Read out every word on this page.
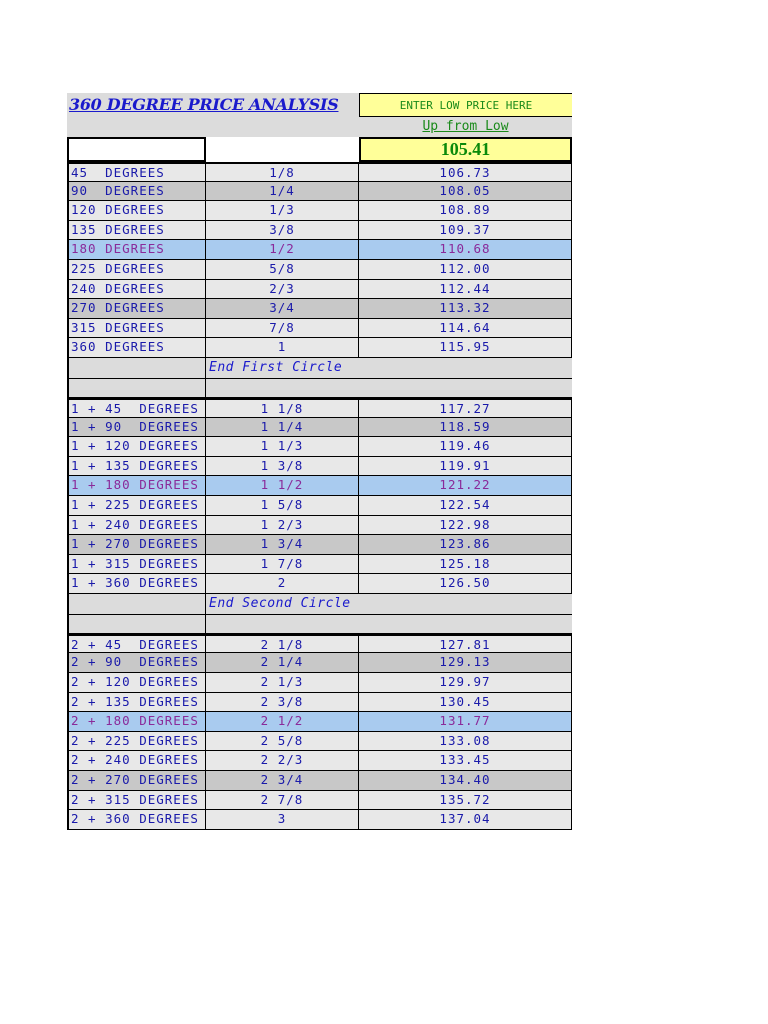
360 DEGREE PRICE ANALYSIS	ENTER LOW PRICE HERE
Up from Low
105.41
45  DEGREES	1/8	106.73
90  DEGREES	1/4	108.05
120 DEGREES	1/3	108.89
135 DEGREES	3/8	109.37
180 DEGREES	1/2	110.68
225 DEGREES	5/8	112.00
240 DEGREES	2/3	112.44
270 DEGREES	3/4	113.32
315 DEGREES	7/8	114.64
360 DEGREES	1	115.95
End First Circle
1 + 45  DEGREES	1 1/8	117.27
1 + 90  DEGREES	1 1/4	118.59
1 + 120 DEGREES	1 1/3	119.46
1 + 135 DEGREES	1 3/8	119.91
1 + 180 DEGREES	1 1/2	121.22
1 + 225 DEGREES	1 5/8	122.54
1 + 240 DEGREES	1 2/3	122.98
1 + 270 DEGREES	1 3/4	123.86
1 + 315 DEGREES	1 7/8	125.18
1 + 360 DEGREES	2	126.50
End Second Circle
2 + 45  DEGREES	2 1/8	127.81
2 + 90  DEGREES	2 1/4	129.13
2 + 120 DEGREES	2 1/3	129.97
2 + 135 DEGREES	2 3/8	130.45
2 + 180 DEGREES	2 1/2	131.77
2 + 225 DEGREES	2 5/8	133.08
2 + 240 DEGREES	2 2/3	133.45
2 + 270 DEGREES	2 3/4	134.40
2 + 315 DEGREES	2 7/8	135.72
2 + 360 DEGREES	3	137.04
